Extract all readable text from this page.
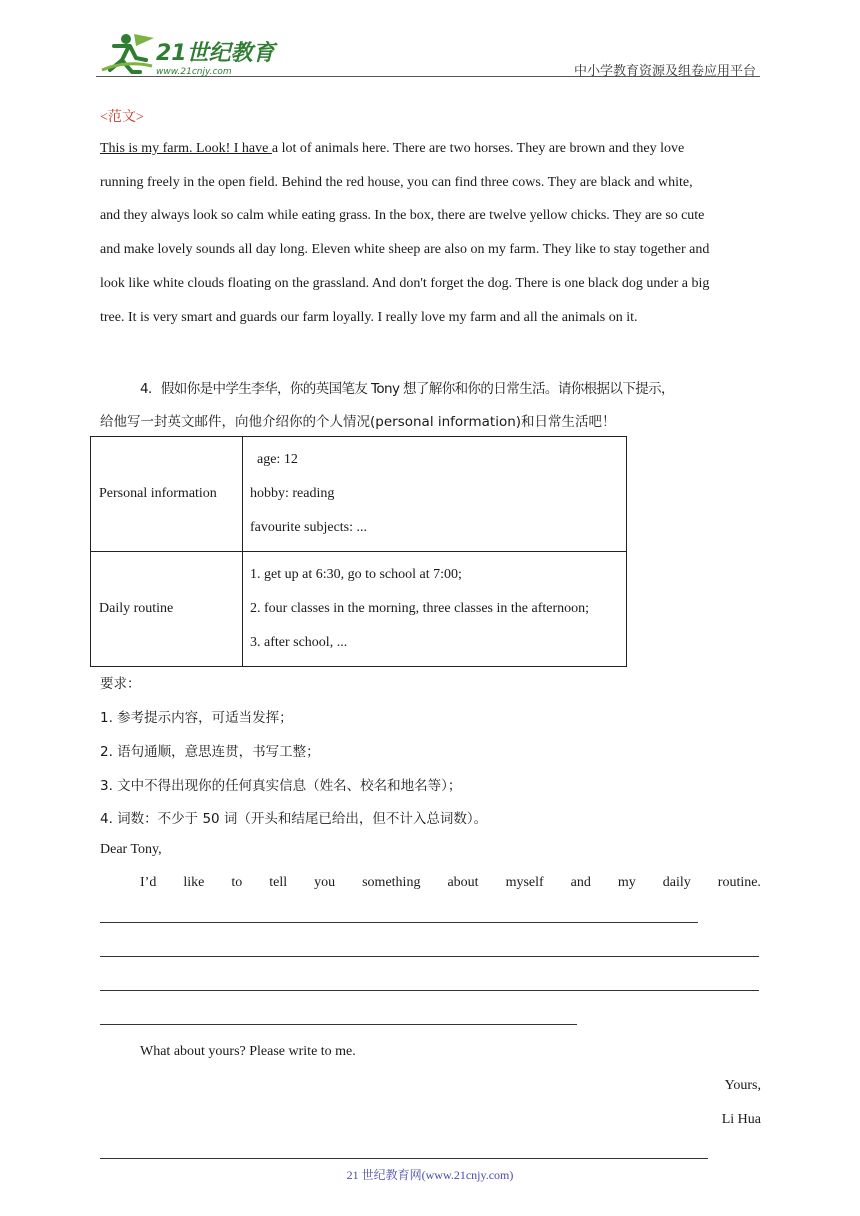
21世纪教育
www.21cnjy.com	中小学教育资源及组卷应用平台
<范文>
This is my farm. Look! I have a lot of animals here. There are two horses. They are brown and they love
running freely in the open field. Behind the red house, you can find three cows. They are black and white,
and they always look so calm while eating grass. In the box, there are twelve yellow chicks. They are so cute
and make lovely sounds all day long. Eleven white sheep are also on my farm. They like to stay together and
look like white clouds floating on the grassland. And don't forget the dog. There is one black dog under a big
tree. It is very smart and guards our farm loyally. I really love my farm and all the animals on it.
4．假如你是中学生李华，你的英国笔友 Tony 想了解你和你的日常生活。请你根据以下提示，
给他写一封英文邮件，向他介绍你的个人情况(personal information)和日常生活吧！
Personal information	age: 12
hobby: reading
favourite subjects: ...

Daily routine	1. get up at 6:30, go to school at 7:00;
2. four classes in the morning, three classes in the afternoon;
3. after school, ...
要求：
1. 参考提示内容，可适当发挥；
2. 语句通顺，意思连贯，书写工整；
3. 文中不得出现你的任何真实信息（姓名、校名和地名等）；
4. 词数：不少于 50 词（开头和结尾已给出，但不计入总词数）。
Dear Tony,
I’d like to tell you something about myself and my daily routine.
What about yours? Please write to me.
Yours,
Li Hua
21 世纪教育网(www.21cnjy.com)
